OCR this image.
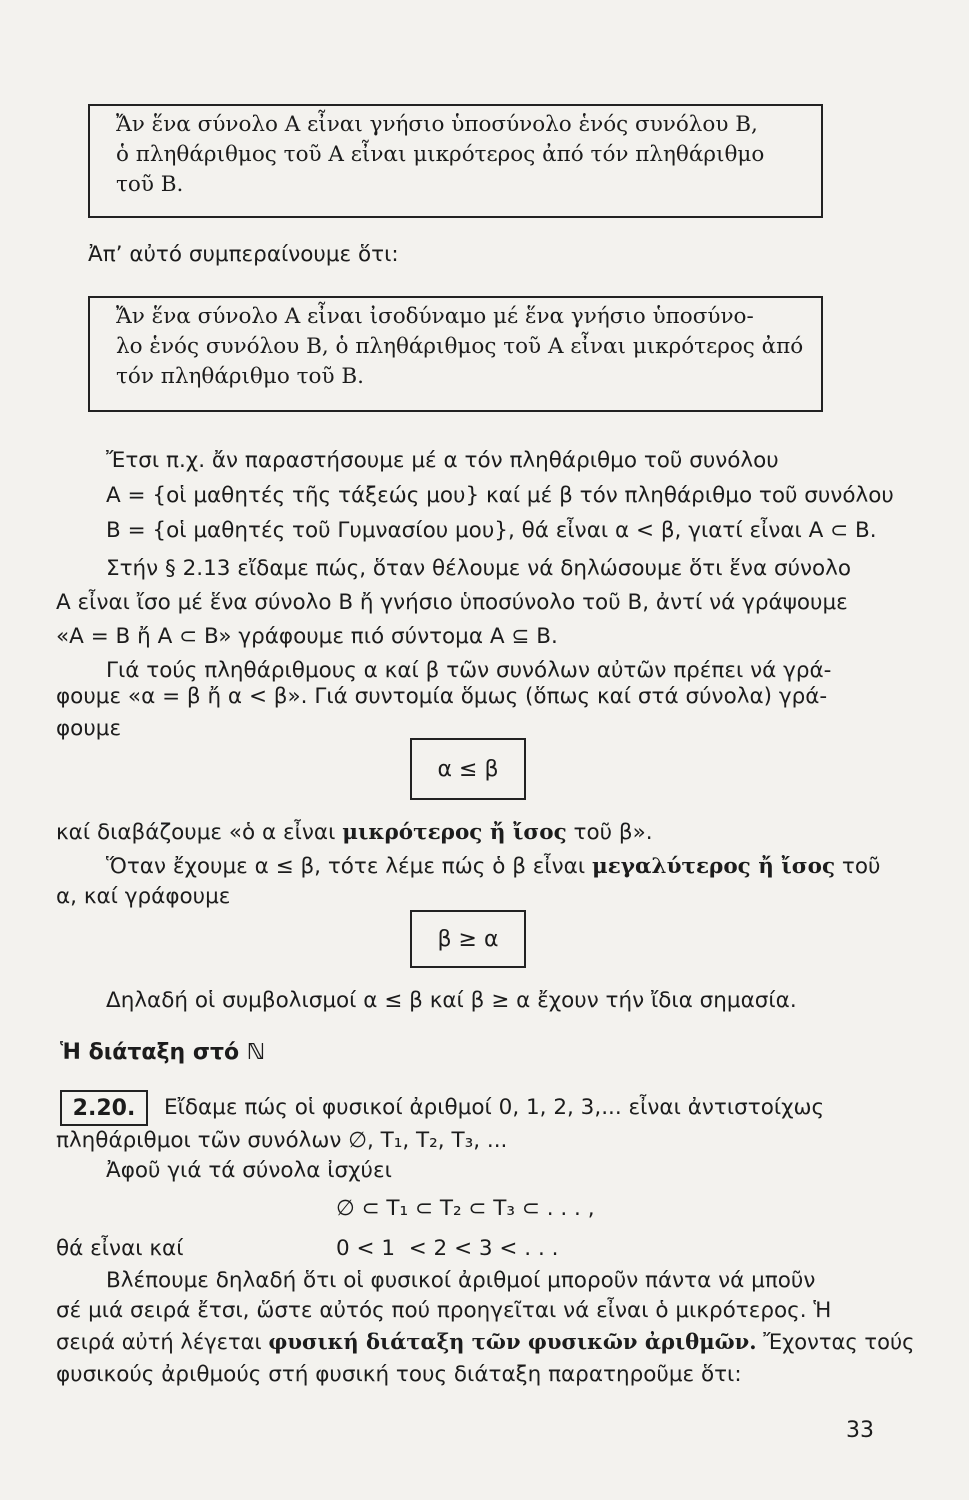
Ἄν ἕνα σύνολο A εἶναι γνήσιο ὑποσύνολο ἑνός συνόλου B,

ὁ πληθάριθμος τοῦ A εἶναι μικρότερος ἀπό τόν πληθάριθμο

τοῦ B.

Ἀπ’ αὐτό συμπεραίνουμε ὅτι:

Ἄν ἕνα σύνολο A εἶναι ἰσοδύναμο μέ ἕνα γνήσιο ὑποσύνο-

λο ἑνός συνόλου B, ὁ πληθάριθμος τοῦ A εἶναι μικρότερος ἀπό

τόν πληθάριθμο τοῦ B.

Ἔτσι π.χ. ἄν παραστήσουμε μέ α τόν πληθάριθμο τοῦ συνόλου
A = {οἱ μαθητές τῆς τάξεώς μου} καί μέ β τόν πληθάριθμο τοῦ συνόλου
B = {οἱ μαθητές τοῦ Γυμνασίου μου}, θά εἶναι α < β, γιατί εἶναι A ⊂ B.
Στήν § 2.13 εἴδαμε πώς, ὅταν θέλουμε νά δηλώσουμε ὅτι ἕνα σύνολο
A εἶναι ἴσο μέ ἕνα σύνολο B ἤ γνήσιο ὑποσύνολο τοῦ B, ἀντί νά γράψουμε
«A = B ἤ A ⊂ B» γράφουμε πιό σύντομα A ⊆ B.
Γιά τούς πληθάριθμους α καί β τῶν συνόλων αὐτῶν πρέπει νά γρά-
φουμε «α = β ἤ α < β». Γιά συντομία ὅμως (ὅπως καί στά σύνολα) γρά-
φουμε
α ≤ β
καί διαβάζουμε «ὁ α εἶναι μικρότερος ἤ ἴσος τοῦ β».
Ὅταν ἔχουμε α ≤ β, τότε λέμε πώς ὁ β εἶναι μεγαλύτερος ἤ ἴσος τοῦ
α, καί γράφουμε
β ≥ α
Δηλαδή οἱ συμβολισμοί α ≤ β καί β ≥ α ἔχουν τήν ἴδια σημασία.
Ἡ διάταξη στό ℕ
2.20. Εἴδαμε πώς οἱ φυσικοί ἀριθμοί 0, 1, 2, 3,... εἶναι ἀντιστοίχως
πληθάριθμοι τῶν συνόλων ∅, T₁, T₂, T₃, ...
Ἀφοῦ γιά τά σύνολα ἰσχύει
∅ ⊂ T₁ ⊂ T₂ ⊂ T₃ ⊂ . . . ,
θά εἶναι καί	0 < 1  < 2 < 3 < . . .
Βλέπουμε δηλαδή ὅτι οἱ φυσικοί ἀριθμοί μποροῦν πάντα νά μποῦν
σέ μιά σειρά ἔτσι, ὥστε αὐτός πού προηγεῖται νά εἶναι ὁ μικρότερος. Ἡ
σειρά αὐτή λέγεται φυσική διάταξη τῶν φυσικῶν ἀριθμῶν. Ἔχοντας τούς
φυσικούς ἀριθμούς στή φυσική τους διάταξη παρατηροῦμε ὅτι:
33
